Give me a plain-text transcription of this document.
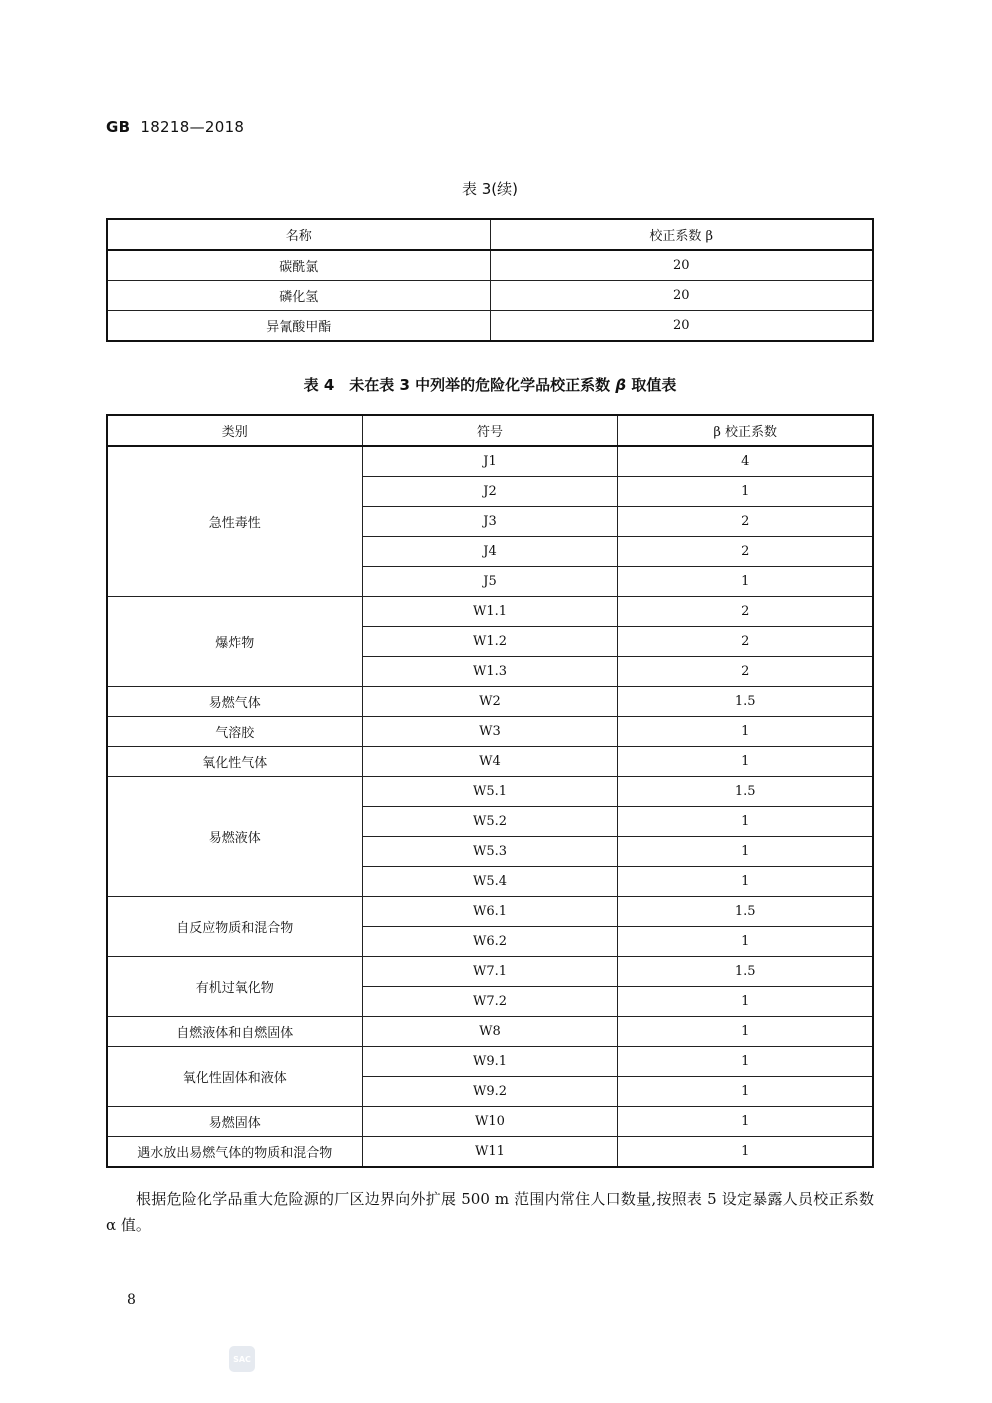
GB 18218—2018
表 3(续)
名称	校正系数 β
碳酰氯	20
磷化氢	20
异氰酸甲酯	20
表 4　未在表 3 中列举的危险化学品校正系数 β 取值表
类别	符号	β 校正系数
急性毒性	J1	4
	J2	1
	J3	2
	J4	2
	J5	1
爆炸物	W1.1	2
	W1.2	2
	W1.3	2
易燃气体	W2	1.5
气溶胶	W3	1
氧化性气体	W4	1
易燃液体	W5.1	1.5
	W5.2	1
	W5.3	1
	W5.4	1
自反应物质和混合物	W6.1	1.5
	W6.2	1
有机过氧化物	W7.1	1.5
	W7.2	1
自燃液体和自燃固体	W8	1
氧化性固体和液体	W9.1	1
	W9.2	1
易燃固体	W10	1
遇水放出易燃气体的物质和混合物	W11	1
根据危险化学品重大危险源的厂区边界向外扩展 500 m 范围内常住人口数量,按照表 5 设定暴露人员校正系数 α 值。
8
SAC
